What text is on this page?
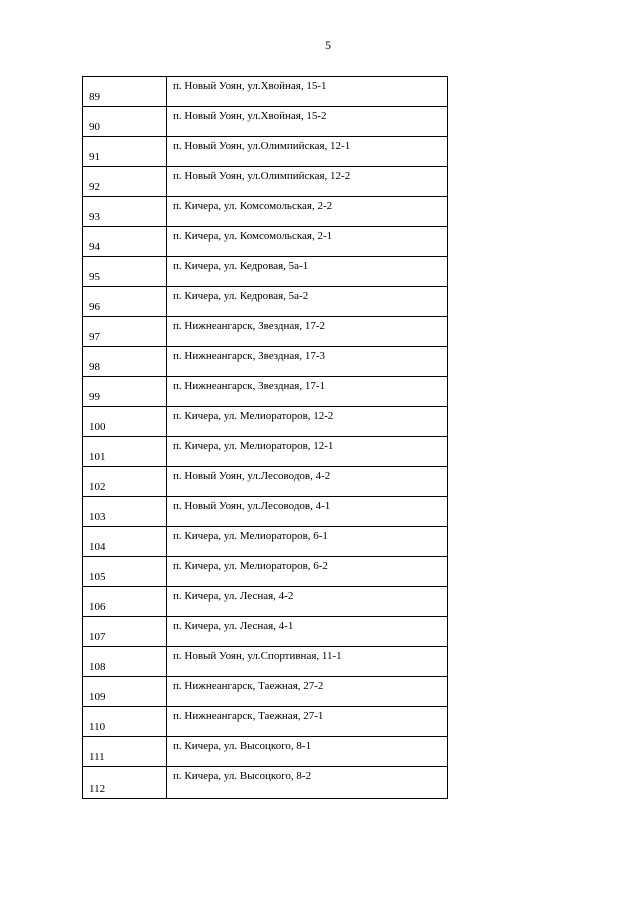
5
89	п. Новый Уоян, ул.Хвойная, 15-1
90	п. Новый Уоян, ул.Хвойная, 15-2
91	п. Новый Уоян, ул.Олимпийская, 12-1
92	п. Новый Уоян, ул.Олимпийская, 12-2
93	п. Кичера, ул. Комсомольская, 2-2
94	п. Кичера, ул. Комсомольская, 2-1
95	п. Кичера, ул. Кедровая, 5а-1
96	п. Кичера, ул. Кедровая, 5а-2
97	п. Нижнеангарск, Звездная, 17-2
98	п. Нижнеангарск, Звездная, 17-3
99	п. Нижнеангарск, Звездная, 17-1
100	п. Кичера, ул. Мелиораторов, 12-2
101	п. Кичера, ул. Мелиораторов, 12-1
102	п. Новый Уоян, ул.Лесоводов, 4-2
103	п. Новый Уоян, ул.Лесоводов, 4-1
104	п. Кичера, ул. Мелиораторов, 6-1
105	п. Кичера, ул. Мелиораторов, 6-2
106	п. Кичера, ул. Лесная, 4-2
107	п. Кичера, ул. Лесная, 4-1
108	п. Новый Уоян, ул.Спортивная, 11-1
109	п. Нижнеангарск, Таежная, 27-2
110	п. Нижнеангарск, Таежная, 27-1
111	п. Кичера, ул. Высоцкого, 8-1
112	п. Кичера, ул. Высоцкого, 8-2
